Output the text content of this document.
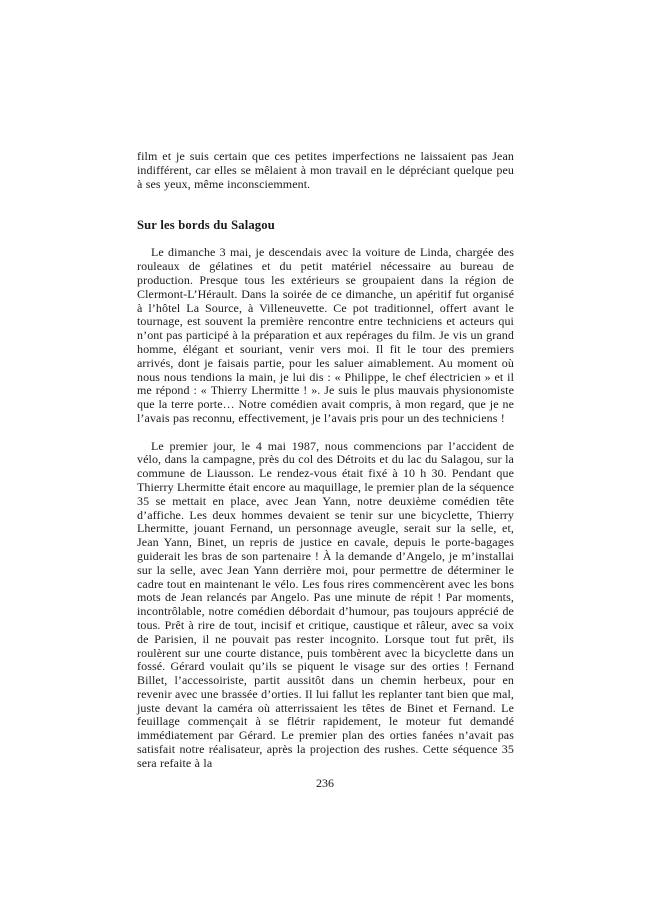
film et je suis certain que ces petites imperfections ne laissaient pas Jean indifférent, car elles se mêlaient à mon travail en le dépréciant quelque peu à ses yeux, même inconsciemment.

Sur les bords du Salagou

Le dimanche 3 mai, je descendais avec la voiture de Linda, chargée des rouleaux de gélatines et du petit matériel nécessaire au bureau de production. Presque tous les extérieurs se groupaient dans la région de Clermont-L’Hérault. Dans la soirée de ce dimanche, un apéritif fut organisé à l’hôtel La Source, à Villeneuvette. Ce pot traditionnel, offert avant le tournage, est souvent la première rencontre entre techniciens et acteurs qui n’ont pas participé à la préparation et aux repérages du film. Je vis un grand homme, élégant et souriant, venir vers moi. Il fit le tour des premiers arrivés, dont je faisais partie, pour les saluer aimablement. Au moment où nous nous tendions la main, je lui dis : « Philippe, le chef électricien » et il me répond : « Thierry Lhermitte ! ». Je suis le plus mauvais physionomiste que la terre porte… Notre comédien avait compris, à mon regard, que je ne l’avais pas reconnu, effectivement, je l’avais pris pour un des techniciens !

Le premier jour, le 4 mai 1987, nous commencions par l’accident de vélo, dans la campagne, près du col des Détroits et du lac du Salagou, sur la commune de Liausson. Le rendez-vous était fixé à 10 h 30. Pendant que Thierry Lhermitte était encore au maquillage, le premier plan de la séquence 35 se mettait en place, avec Jean Yann, notre deuxième comédien tête d’affiche. Les deux hommes devaient se tenir sur une bicyclette, Thierry Lhermitte, jouant Fernand, un personnage aveugle, serait sur la selle, et, Jean Yann, Binet, un repris de justice en cavale, depuis le porte-bagages guiderait les bras de son partenaire ! À la demande d’Angelo, je m’installai sur la selle, avec Jean Yann derrière moi, pour permettre de déterminer le cadre tout en maintenant le vélo. Les fous rires commencèrent avec les bons mots de Jean relancés par Angelo. Pas une minute de répit ! Par moments, incontrôlable, notre comédien débordait d’humour, pas toujours apprécié de tous. Prêt à rire de tout, incisif et critique, caustique et râleur, avec sa voix de Parisien, il ne pouvait pas rester incognito. Lorsque tout fut prêt, ils roulèrent sur une courte distance, puis tombèrent avec la bicyclette dans un fossé. Gérard voulait qu’ils se piquent le visage sur des orties ! Fernand Billet, l’accessoiriste, partit aussitôt dans un chemin herbeux, pour en revenir avec une brassée d’orties. Il lui fallut les replanter tant bien que mal, juste devant la caméra où atterrissaient les têtes de Binet et Fernand. Le feuillage commençait à se flétrir rapidement, le moteur fut demandé immédiatement par Gérard. Le premier plan des orties fanées n’avait pas satisfait notre réalisateur, après la projection des rushes. Cette séquence 35 sera refaite à la

236
